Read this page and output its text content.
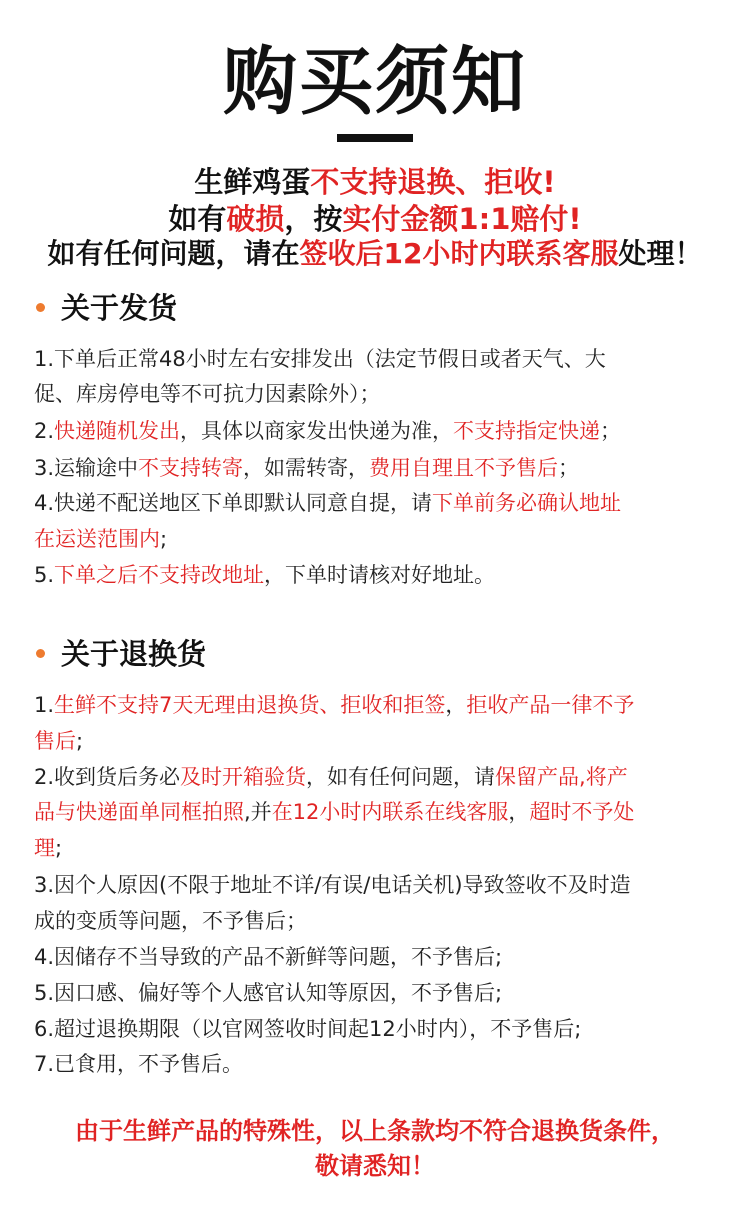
购买须知
生鲜鸡蛋不支持退换、拒收!
如有破损，按实付金额1:1赔付!
如有任何问题，请在签收后12小时内联系客服处理！
关于发货
1.下单后正常48小时左右安排发出（法定节假日或者天气、大
促、库房停电等不可抗力因素除外）；
2.快递随机发出，具体以商家发出快递为准，不支持指定快递；
3.运输途中不支持转寄，如需转寄，费用自理且不予售后；
4.快递不配送地区下单即默认同意自提，请下单前务必确认地址
在运送范围内;
5.下单之后不支持改地址，下单时请核对好地址。
关于退换货
1.生鲜不支持7天无理由退换货、拒收和拒签，拒收产品一律不予
售后;
2.收到货后务必及时开箱验货，如有任何问题，请保留产品,将产
品与快递面单同框拍照,并在12小时内联系在线客服，超时不予处
理;
3.因个人原因(不限于地址不详/有误/电话关机)导致签收不及时造
成的变质等问题，不予售后；
4.因储存不当导致的产品不新鲜等问题，不予售后;
5.因口感、偏好等个人感官认知等原因，不予售后;
6.超过退换期限（以官网签收时间起12小时内），不予售后;
7.已食用，不予售后。
由于生鲜产品的特殊性，以上条款均不符合退换货条件，
敬请悉知！
